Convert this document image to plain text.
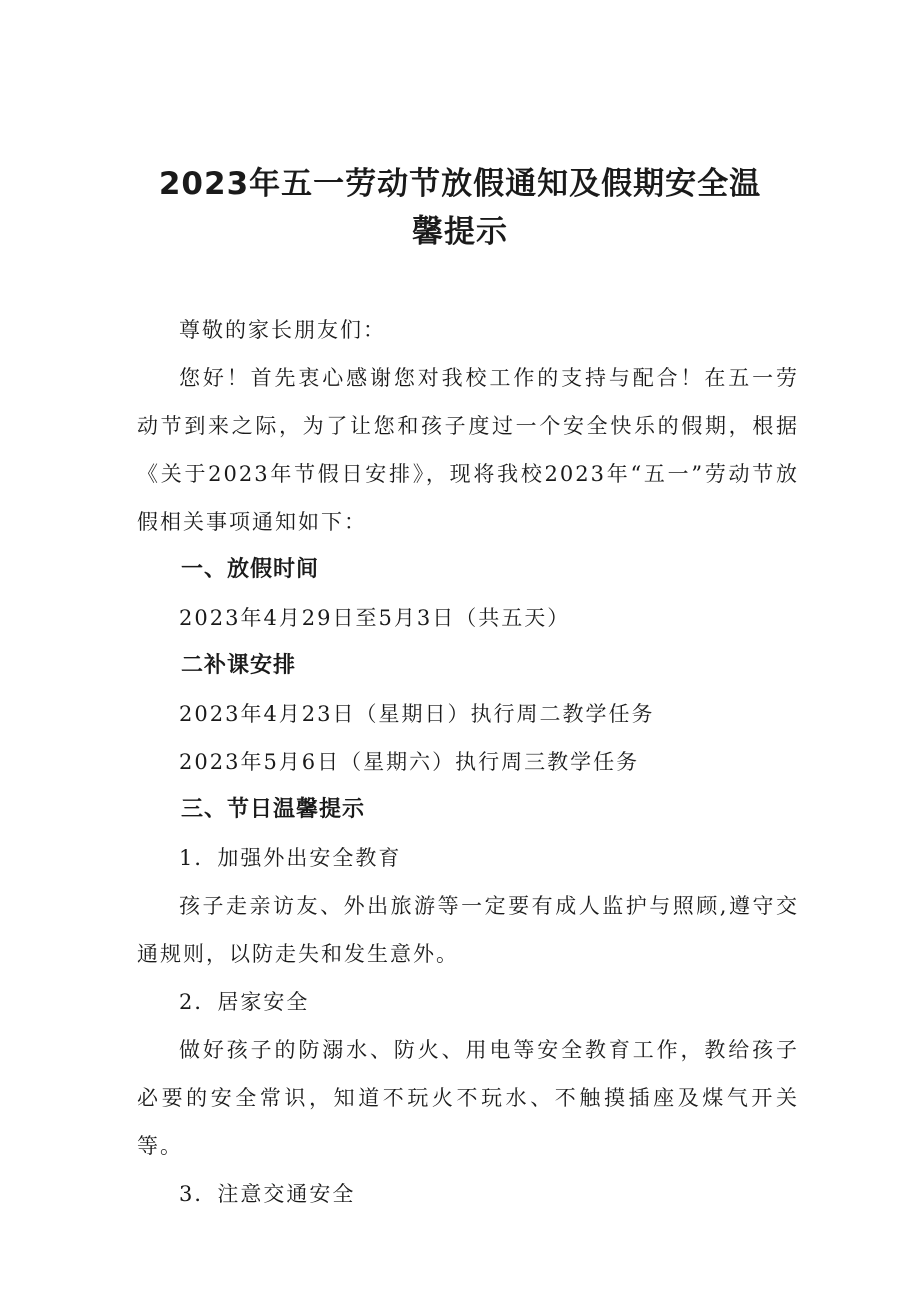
2023年五一劳动节放假通知及假期安全温
馨提示

尊敬的家长朋友们：

您好！首先衷心感谢您对我校工作的支持与配合！在五一劳动节到来之际，为了让您和孩子度过一个安全快乐的假期，根据《关于2023年节假日安排》，现将我校2023年“五一”劳动节放假相关事项通知如下：

一、放假时间

2023年4月29日至5月3日（共五天）

二补课安排

2023年4月23日（星期日）执行周二教学任务

2023年5月6日（星期六）执行周三教学任务

三、节日温馨提示

1．加强外出安全教育

孩子走亲访友、外出旅游等一定要有成人监护与照顾,遵守交通规则，以防走失和发生意外。

2．居家安全

做好孩子的防溺水、防火、用电等安全教育工作，教给孩子必要的安全常识，知道不玩火不玩水、不触摸插座及煤气开关等。

3．注意交通安全
